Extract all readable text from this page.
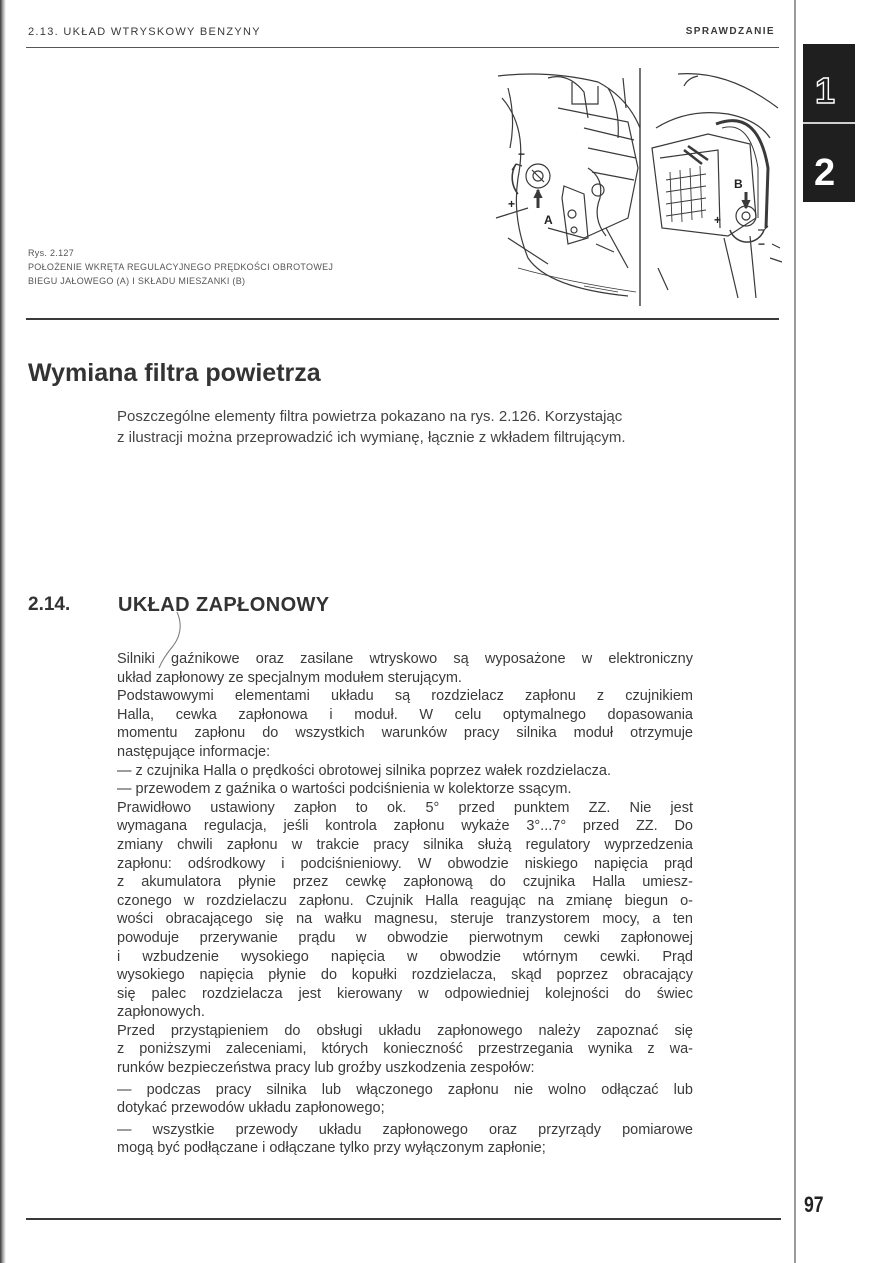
2.13. UKŁAD WTRYSKOWY BENZYNY	SPRAWDZANIE
1
2
A
B
+
−
+
−
Rys. 2.127
POŁOŻENIE WKRĘTA REGULACYJNEGO PRĘDKOŚCI OBROTOWEJ
BIEGU JAŁOWEGO (A) I SKŁADU MIESZANKI (B)
Wymiana filtra powietrza
Poszczególne elementy filtra powietrza pokazano na rys. 2.126. Korzystając
z ilustracji można przeprowadzić ich wymianę, łącznie z wkładem filtrującym.
2.14. UKŁAD ZAPŁONOWY
Silniki gaźnikowe oraz zasilane wtryskowo są wyposażone w elektroniczny
układ zapłonowy ze specjalnym modułem sterującym.
Podstawowymi elementami układu są rozdzielacz zapłonu z czujnikiem
Halla, cewka zapłonowa i moduł. W celu optymalnego dopasowania
momentu zapłonu do wszystkich warunków pracy silnika moduł otrzymuje
następujące informacje:
— z czujnika Halla o prędkości obrotowej silnika poprzez wałek rozdzielacza.
— przewodem z gaźnika o wartości podciśnienia w kolektorze ssącym.
Prawidłowo ustawiony zapłon to ok. 5° przed punktem ZZ. Nie jest
wymagana regulacja, jeśli kontrola zapłonu wykaże 3°...7° przed ZZ. Do
zmiany chwili zapłonu w trakcie pracy silnika służą regulatory wyprzedzenia
zapłonu: odśrodkowy i podciśnieniowy. W obwodzie niskiego napięcia prąd
z akumulatora płynie przez cewkę zapłonową do czujnika Halla umiesz-
czonego w rozdzielaczu zapłonu. Czujnik Halla reagując na zmianę biegun o-
wości obracającego się na wałku magnesu, steruje tranzystorem mocy, a ten
powoduje przerywanie prądu w obwodzie pierwotnym cewki zapłonowej
i wzbudzenie wysokiego napięcia w obwodzie wtórnym cewki. Prąd
wysokiego napięcia płynie do kopułki rozdzielacza, skąd poprzez obracający
się palec rozdzielacza jest kierowany w odpowiedniej kolejności do świec
zapłonowych.
Przed przystąpieniem do obsługi układu zapłonowego należy zapoznać się
z poniższymi zaleceniami, których konieczność przestrzegania wynika z wa-
runków bezpieczeństwa pracy lub groźby uszkodzenia zespołów:
— podczas pracy silnika lub włączonego zapłonu nie wolno odłączać lub
dotykać przewodów układu zapłonowego;
— wszystkie przewody układu zapłonowego oraz przyrządy pomiarowe
mogą być podłączane i odłączane tylko przy wyłączonym zapłonie;
97
